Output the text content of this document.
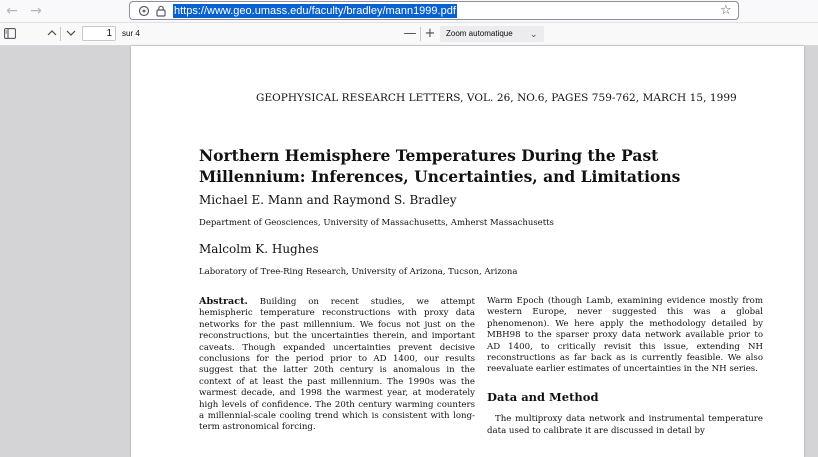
← →	https://www.geo.umass.edu/faculty/bradley/mann1999.pdf	☆
1	sur 4	— +	Zoom automatique ⌄
GEOPHYSICAL RESEARCH LETTERS, VOL. 26, NO.6, PAGES 759-762, MARCH 15, 1999
Northern Hemisphere Temperatures During the Past
Millennium: Inferences, Uncertainties, and Limitations
Michael E. Mann and Raymond S. Bradley
Department of Geosciences, University of Massachusetts, Amherst Massachusetts
Malcolm K. Hughes
Laboratory of Tree-Ring Research, University of Arizona, Tucson, Arizona
Abstract. Building on recent studies, we attempt hemispheric temperature reconstructions with proxy data networks for the past millennium. We focus not just on the reconstructions, but the uncertainties therein, and important caveats. Though expanded uncertainties prevent decisive conclusions for the period prior to AD 1400, our results suggest that the latter 20th century is anomalous in the context of at least the past millennium. The 1990s was the warmest decade, and 1998 the warmest year, at moderately high levels of confidence. The 20th century warming counters a millennial-scale cooling trend which is consistent with long-term astronomical forcing.
Warm Epoch (though Lamb, examining evidence mostly from western Europe, never suggested this was a global phenomenon). We here apply the methodology detailed by MBH98 to the sparser proxy data network available prior to AD 1400, to critically revisit this issue, extending NH reconstructions as far back as is currently feasible. We also reevaluate earlier estimates of uncertainties in the NH series.
Data and Method
The multiproxy data network and instrumental temperature data used to calibrate it are discussed in detail by
